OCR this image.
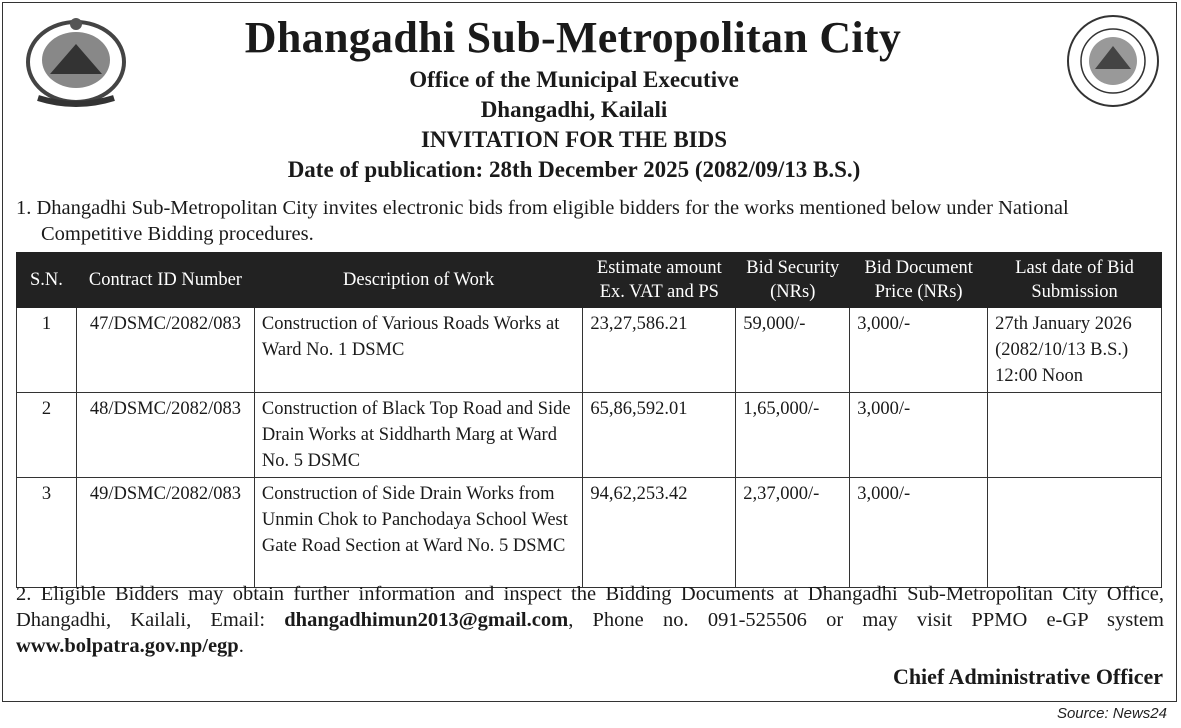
Dhangadhi Sub-Metropolitan City
Office of the Municipal Executive
Dhangadhi, Kailali
INVITATION FOR THE BIDS
Date of publication: 28th December 2025 (2082/09/13 B.S.)
1. Dhangadhi Sub-Metropolitan City invites electronic bids from eligible bidders for the works mentioned below under National
Competitive Bidding procedures.
S.N.	Contract ID Number	Description of Work	Estimate amount Ex. VAT and PS	Bid Security (NRs)	Bid Document Price (NRs)	Last date of Bid Submission
1	47/DSMC/2082/083	Construction of Various Roads Works at Ward No. 1 DSMC	23,27,586.21	59,000/-	3,000/-	27th January 2026 (2082/10/13 B.S.) 12:00 Noon
2	48/DSMC/2082/083	Construction of Black Top Road and Side Drain Works at Siddharth Marg at Ward No. 5 DSMC	65,86,592.01	1,65,000/-	3,000/-	
3	49/DSMC/2082/083	Construction of Side Drain Works from Unmin Chok to Panchodaya School West Gate Road Section at Ward No. 5 DSMC	94,62,253.42	2,37,000/-	3,000/-	
2. Eligible Bidders may obtain further information and inspect the Bidding Documents at Dhangadhi Sub-Metropolitan City Office, Dhangadhi, Kailali, Email: dhangadhimun2013@gmail.com, Phone no. 091-525506 or may visit PPMO e-GP system www.bolpatra.gov.np/egp.
Chief Administrative Officer
Source: News24
